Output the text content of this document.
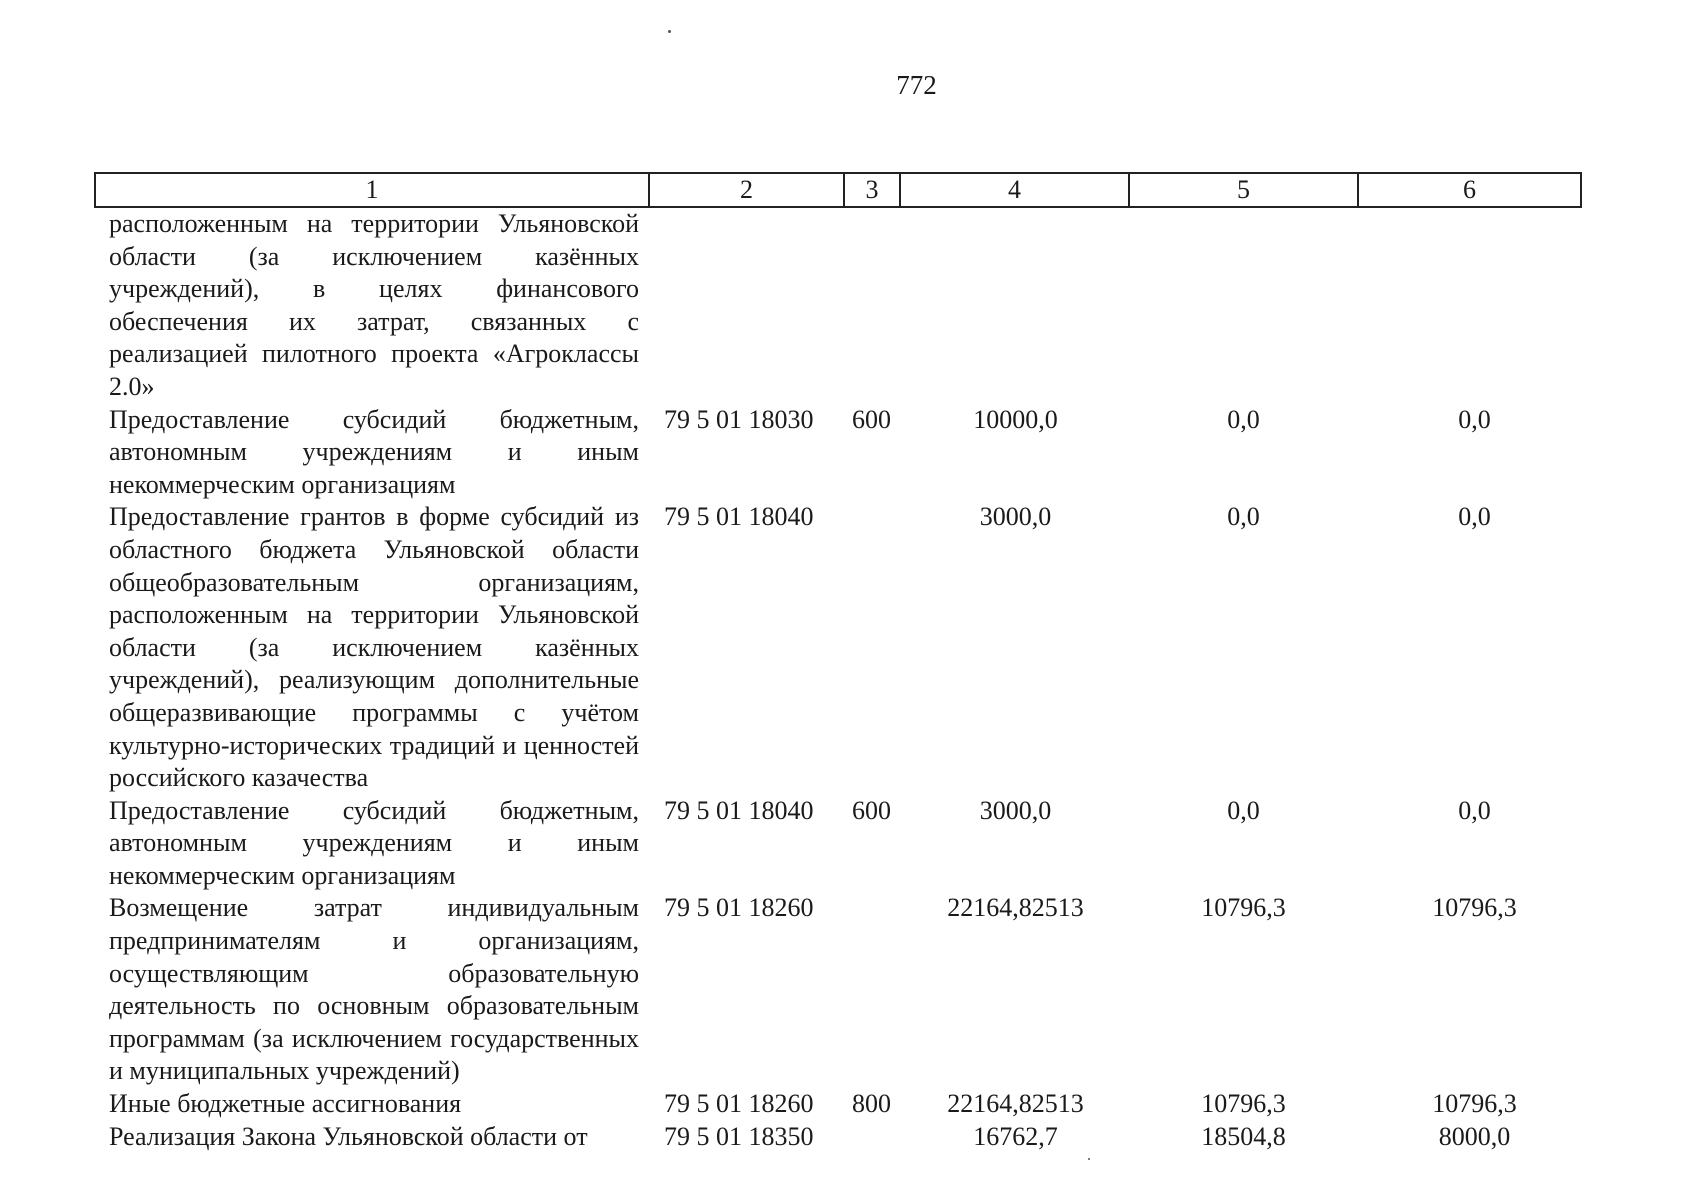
772
1	2	3	4	5	6
расположенным на территории Ульяновской области (за исключением казённых учреждений), в целях финансового обеспечения их затрат, связанных с реализацией пилотного проекта «Агроклассы 2.0»					
Предоставление субсидий бюджетным, автономным учреждениям и иным некоммерческим организациям	79 5 01 18030	600	10000,0	0,0	0,0
Предоставление грантов в форме субсидий из областного бюджета Ульяновской области общеобразовательным организациям, расположенным на территории Ульяновской области (за исключением казённых учреждений), реализующим дополнительные общеразвивающие программы с учётом культурно-исторических традиций и ценностей российского казачества	79 5 01 18040		3000,0	0,0	0,0
Предоставление субсидий бюджетным, автономным учреждениям и иным некоммерческим организациям	79 5 01 18040	600	3000,0	0,0	0,0
Возмещение затрат индивидуальным предпринимателям и организациям, осуществляющим образовательную деятельность по основным образовательным программам (за исключением государственных и муниципальных учреждений)	79 5 01 18260		22164,82513	10796,3	10796,3
Иные бюджетные ассигнования	79 5 01 18260	800	22164,82513	10796,3	10796,3
Реализация Закона Ульяновской области от	79 5 01 18350		16762,7	18504,8	8000,0
